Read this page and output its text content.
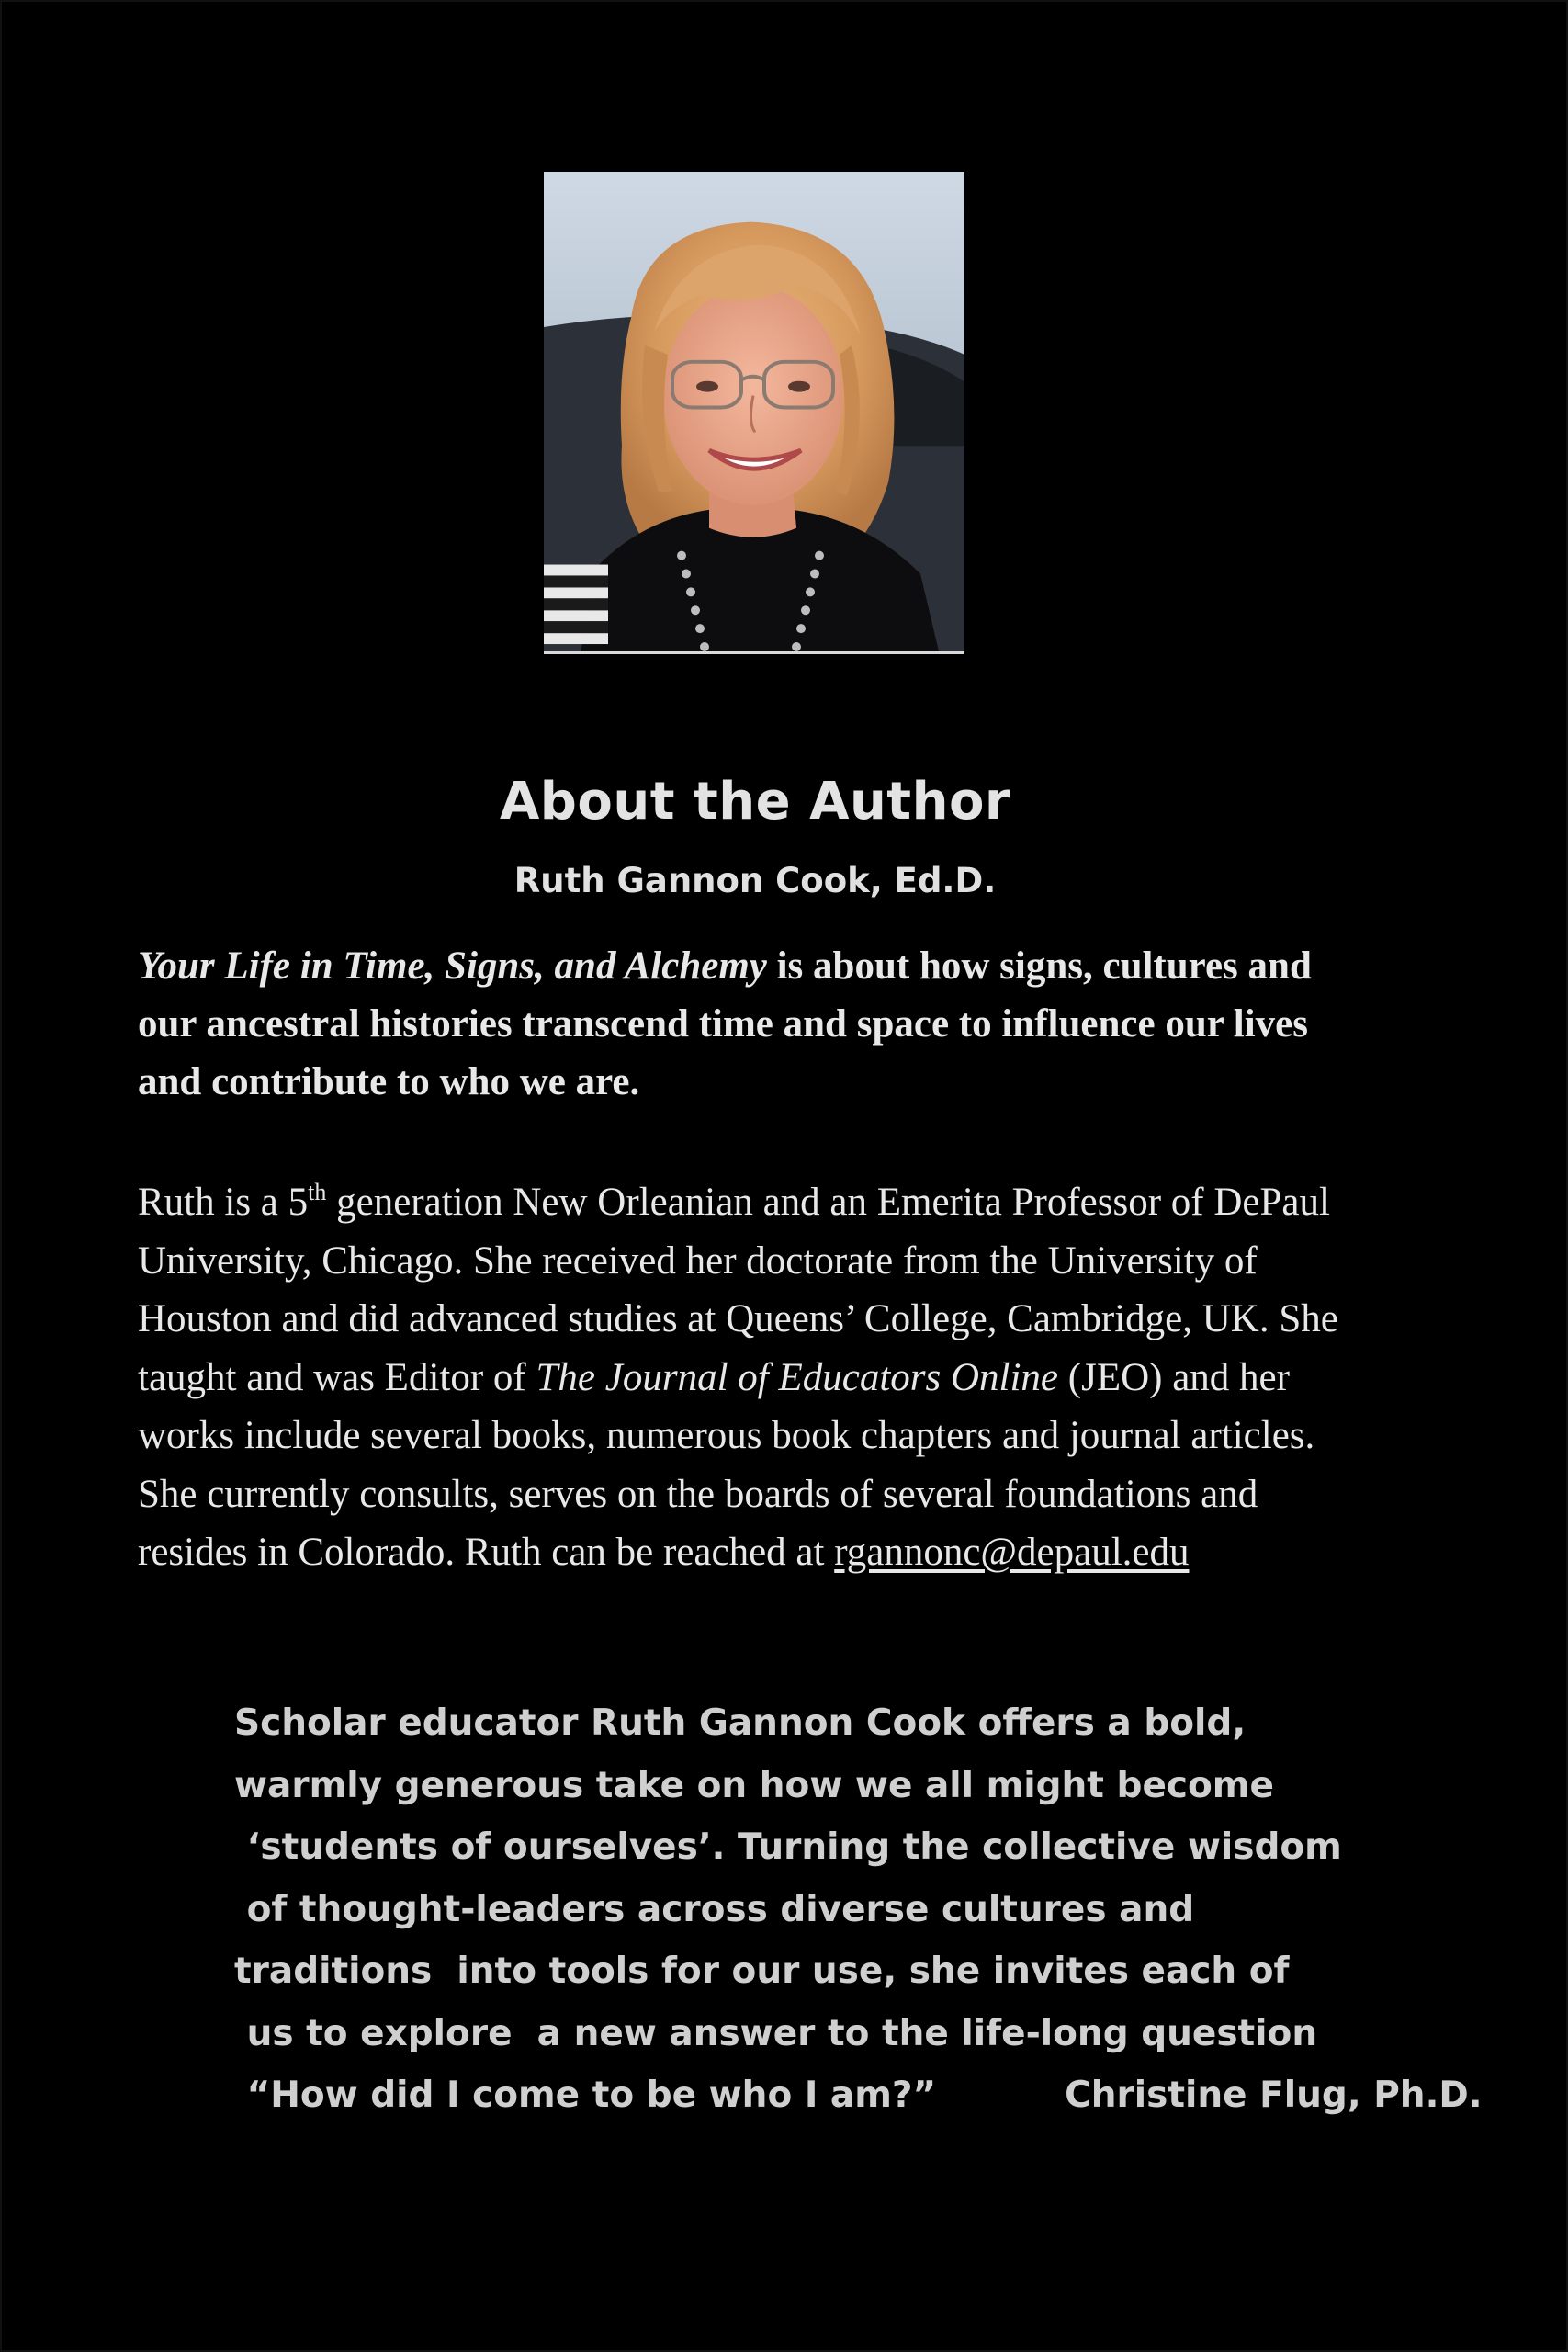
About the Author
Ruth Gannon Cook, Ed.D.
Your Life in Time, Signs, and Alchemy is about how signs, cultures and
our ancestral histories transcend time and space to influence our lives
and contribute to who we are.
Ruth is a 5th generation New Orleanian and an Emerita Professor of DePaul
University, Chicago. She received her doctorate from the University of
Houston and did advanced studies at Queens’ College, Cambridge, UK. She
taught and was Editor of The Journal of Educators Online (JEO) and her
works include several books, numerous book chapters and journal articles.
She currently consults, serves on the boards of several foundations and
resides in Colorado. Ruth can be reached at rgannonc@depaul.edu
Scholar educator Ruth Gannon Cook offers a bold,
warmly generous take on how we all might become
‘students of ourselves’. Turning the collective wisdom
of thought-leaders across diverse cultures and
traditions  into tools for our use, she invites each of
us to explore  a new answer to the life-long question
“How did I come to be who I am?”	Christine Flug, Ph.D.
